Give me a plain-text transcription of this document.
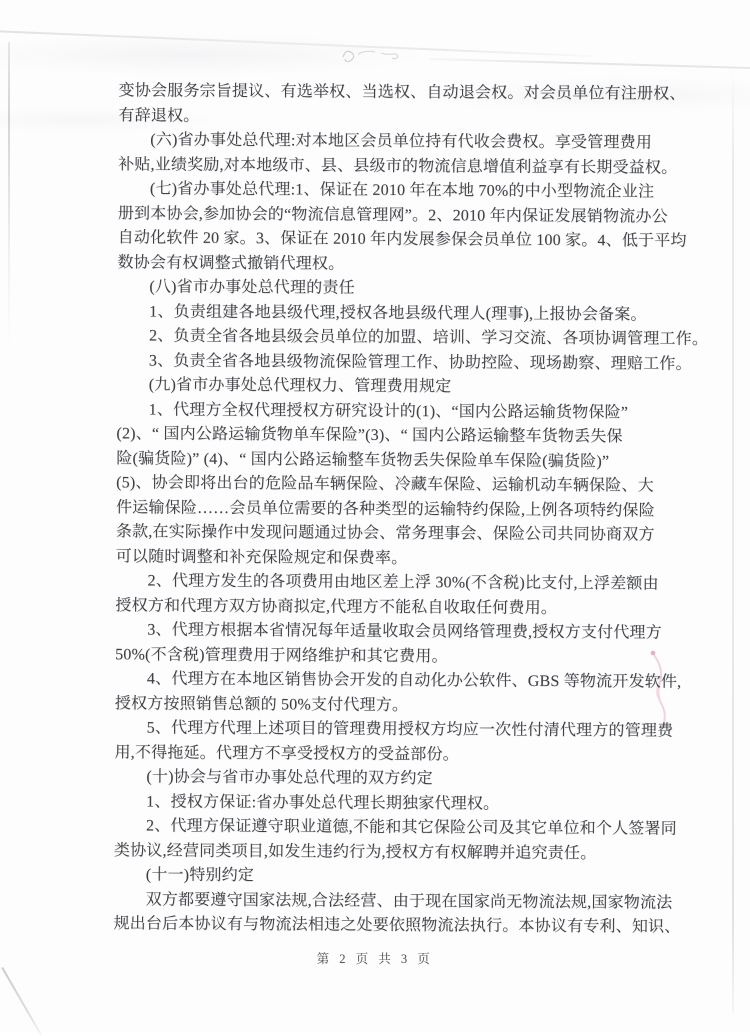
变协会服务宗旨提议、有选举权、当选权、自动退会权。对会员单位有注册权、
有辞退权。
(六)省办事处总代理:对本地区会员单位持有代收会费权。享受管理费用
补贴,业绩奖励,对本地级市、县、县级市的物流信息增值利益享有长期受益权。
(七)省办事处总代理:1、保证在 2010 年在本地 70%的中小型物流企业注
册到本协会,参加协会的“物流信息管理网”。2、2010 年内保证发展销物流办公
自动化软件 20 家。3、保证在 2010 年内发展参保会员单位 100 家。4、低于平均
数协会有权调整式撤销代理权。
(八)省市办事处总代理的责任
1、负责组建各地县级代理,授权各地县级代理人(理事),上报协会备案。
2、负责全省各地县级会员单位的加盟、培训、学习交流、各项协调管理工作。
3、负责全省各地县级物流保险管理工作、协助控险、现场勘察、理赔工作。
(九)省市办事处总代理权力、管理费用规定
1、代理方全权代理授权方研究设计的(1)、“国内公路运输货物保险”
(2)、“ 国内公路运输货物单车保险”(3)、“ 国内公路运输整车货物丢失保
险(骗货险)” (4)、“ 国内公路运输整车货物丢失保险单车保险(骗货险)”
(5)、协会即将出台的危险品车辆保险、冷藏车保险、运输机动车辆保险、大
件运输保险……会员单位需要的各种类型的运输特约保险,上例各项特约保险
条款,在实际操作中发现问题通过协会、常务理事会、保险公司共同协商双方
可以随时调整和补充保险规定和保费率。
2、代理方发生的各项费用由地区差上浮 30%(不含税)比支付,上浮差额由
授权方和代理方双方协商拟定,代理方不能私自收取任何费用。
3、代理方根据本省情况每年适量收取会员网络管理费,授权方支付代理方
50%(不含税)管理费用于网络维护和其它费用。
4、代理方在本地区销售协会开发的自动化办公软件、GBS 等物流开发软件,
授权方按照销售总额的 50%支付代理方。
5、代理方代理上述项目的管理费用授权方均应一次性付清代理方的管理费
用,不得拖延。代理方不享受授权方的受益部份。
(十)协会与省市办事处总代理的双方约定
1、授权方保证:省办事处总代理长期独家代理权。
2、代理方保证遵守职业道德,不能和其它保险公司及其它单位和个人签署同
类协议,经营同类项目,如发生违约行为,授权方有权解聘并追究责任。
(十一)特别约定
双方都要遵守国家法规,合法经营、由于现在国家尚无物流法规,国家物流法
规出台后本协议有与物流法相违之处要依照物流法执行。本协议有专利、知识、
第 2 页 共 3 页
